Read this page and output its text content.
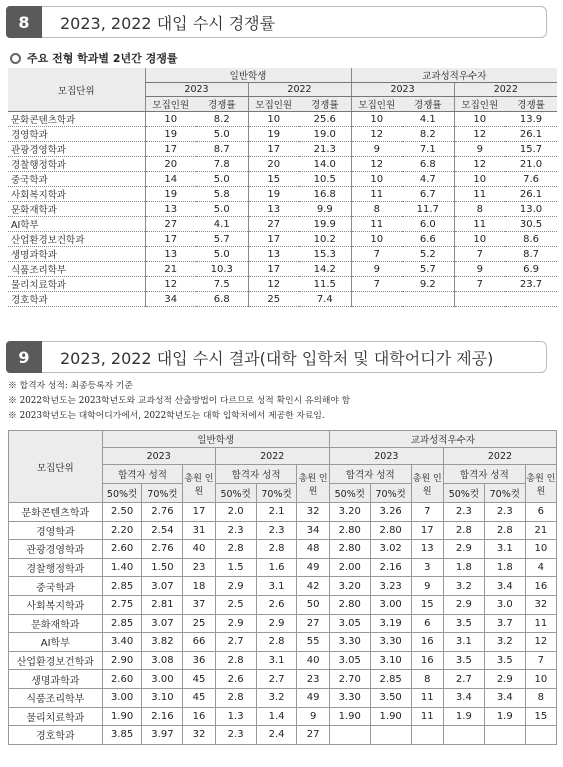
8	2023, 2022 대입 수시 경쟁률
주요 전형 학과별 2년간 경쟁률
모집단위	일반학생				교과성적우수자			
	2023		2022		2023		2022	
	모집인원	경쟁률	모집인원	경쟁률	모집인원	경쟁률	모집인원	경쟁률
문화콘텐츠학과	10	8.2	10	25.6	10	4.1	10	13.9
경영학과	19	5.0	19	19.0	12	8.2	12	26.1
관광경영학과	17	8.7	17	21.3	9	7.1	9	15.7
경찰행정학과	20	7.8	20	14.0	12	6.8	12	21.0
중국학과	14	5.0	15	10.5	10	4.7	10	7.6
사회복지학과	19	5.8	19	16.8	11	6.7	11	26.1
문화재학과	13	5.0	13	9.9	8	11.7	8	13.0
AI학부	27	4.1	27	19.9	11	6.0	11	30.5
산업환경보건학과	17	5.7	17	10.2	10	6.6	10	8.6
생명과학과	13	5.0	13	15.3	7	5.2	7	8.7
식품조리학부	21	10.3	17	14.2	9	5.7	9	6.9
물리치료학과	12	7.5	12	11.5	7	9.2	7	23.7
경호학과	34	6.8	25	7.4				
9	2023, 2022 대입 수시 결과(대학 입학처 및 대학어디가 제공)
※ 합격자 성적: 최종등록자 기준
※ 2022학년도는 2023학년도와 교과성적 산출방법이 다르므로 성적 확인시 유의해야 함
※ 2023학년도는 대학어디가에서, 2022학년도는 대학 입학처에서 제공한 자료임.
모집단위	일반학생						교과성적우수자					
	2023			2022			2023			2022		
	합격자 성적		총원 인원	합격자 성적		총원 인원	합격자 성적		총원 인원	합격자 성적		총원 인원
	50%컷	70%컷		50%컷	70%컷		50%컷	70%컷		50%컷	70%컷	
문화콘텐츠학과	2.50	2.76	17	2.0	2.1	32	3.20	3.26	7	2.3	2.3	6
경영학과	2.20	2.54	31	2.3	2.3	34	2.80	2.80	17	2.8	2.8	21
관광경영학과	2.60	2.76	40	2.8	2.8	48	2.80	3.02	13	2.9	3.1	10
경찰행정학과	1.40	1.50	23	1.5	1.6	49	2.00	2.16	3	1.8	1.8	4
중국학과	2.85	3.07	18	2.9	3.1	42	3.20	3.23	9	3.2	3.4	16
사회복지학과	2.75	2.81	37	2.5	2.6	50	2.80	3.00	15	2.9	3.0	32
문화재학과	2.85	3.07	25	2.9	2.9	27	3.05	3.19	6	3.5	3.7	11
AI학부	3.40	3.82	66	2.7	2.8	55	3.30	3.30	16	3.1	3.2	12
산업환경보건학과	2.90	3.08	36	2.8	3.1	40	3.05	3.10	16	3.5	3.5	7
생명과학과	2.60	3.00	45	2.6	2.7	23	2.70	2.85	8	2.7	2.9	10
식품조리학부	3.00	3.10	45	2.8	3.2	49	3.30	3.50	11	3.4	3.4	8
물리치료학과	1.90	2.16	16	1.3	1.4	9	1.90	1.90	11	1.9	1.9	15
경호학과	3.85	3.97	32	2.3	2.4	27						
